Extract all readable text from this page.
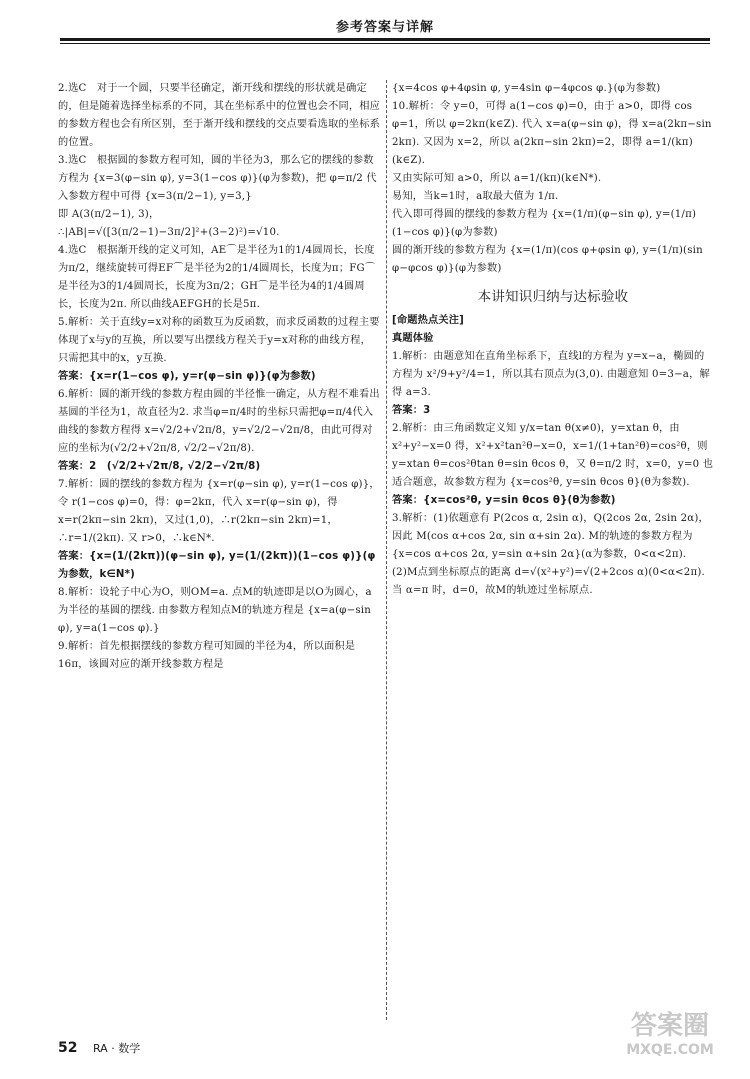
参考答案与详解

2.选C　对于一个圆，只要半径确定，渐开线和摆线的形状就是确定的，但是随着选择坐标系的不同，其在坐标系中的位置也会不同，相应的参数方程也会有所区别，至于渐开线和摆线的交点要看选取的坐标系的位置。

3.选C　根据圆的参数方程可知，圆的半径为3，那么它的摆线的参数方程为 {x=3(φ−sin φ), y=3(1−cos φ)}(φ为参数)，把 φ=π/2 代入参数方程中可得 {x=3(π/2−1), y=3,}

即 A(3(π/2−1), 3)，

∴|AB|=√([3(π/2−1)−3π/2]²+(3−2)²)=√10.

4.选C　根据渐开线的定义可知，AE⌒是半径为1的1/4圆周长，长度为π/2，继续旋转可得EF⌒是半径为2的1/4圆周长，长度为π；FG⌒是半径为3的1/4圆周长，长度为3π/2；GH⌒是半径为4的1/4圆周长，长度为2π. 所以曲线AEFGH的长是5π.

5.解析：关于直线y=x对称的函数互为反函数，而求反函数的过程主要体现了x与y的互换，所以要写出摆线方程关于y=x对称的曲线方程，只需把其中的x，y互换.

答案：{x=r(1−cos φ), y=r(φ−sin φ)}(φ为参数)

6.解析：圆的渐开线的参数方程由圆的半径惟一确定，从方程不难看出基圆的半径为1，故直径为2. 求当φ=π/4时的坐标只需把φ=π/4代入曲线的参数方程得 x=√2/2+√2π/8，y=√2/2−√2π/8，由此可得对应的坐标为(√2/2+√2π/8, √2/2−√2π/8).

答案：2　(√2/2+√2π/8, √2/2−√2π/8)

7.解析：圆的摆线的参数方程为 {x=r(φ−sin φ), y=r(1−cos φ)}，令 r(1−cos φ)=0，得：φ=2kπ，代入 x=r(φ−sin φ)，得 x=r(2kπ−sin 2kπ)，又过(1,0)，∴r(2kπ−sin 2kπ)=1，∴r=1/(2kπ). 又 r>0，∴k∈N*.

答案：{x=(1/(2kπ))(φ−sin φ), y=(1/(2kπ))(1−cos φ)}(φ为参数，k∈N*)

8.解析：设轮子中心为O，则OM=a. 点M的轨迹即是以O为圆心，a为半径的基圆的摆线. 由参数方程知点M的轨迹方程是 {x=a(φ−sin φ), y=a(1−cos φ).}

9.解析：首先根据摆线的参数方程可知圆的半径为4，所以面积是16π，该圆对应的渐开线参数方程是

{x=4cos φ+4φsin φ, y=4sin φ−4φcos φ.}(φ为参数)

10.解析：令 y=0，可得 a(1−cos φ)=0，由于 a>0，即得 cos φ=1，所以 φ=2kπ(k∈Z). 代入 x=a(φ−sin φ)，得 x=a(2kπ−sin 2kπ). 又因为 x=2，所以 a(2kπ−sin 2kπ)=2，即得 a=1/(kπ)(k∈Z).

又由实际可知 a>0，所以 a=1/(kπ)(k∈N*).

易知，当k=1时，a取最大值为 1/π.

代入即可得圆的摆线的参数方程为 {x=(1/π)(φ−sin φ), y=(1/π)(1−cos φ)}(φ为参数)

圆的渐开线的参数方程为 {x=(1/π)(cos φ+φsin φ), y=(1/π)(sin φ−φcos φ)}(φ为参数)

本讲知识归纳与达标验收

[命题热点关注]

真题体验

1.解析：由题意知在直角坐标系下，直线l的方程为 y=x−a，椭圆的方程为 x²/9+y²/4=1，所以其右顶点为(3,0). 由题意知 0=3−a，解得 a=3.

答案：3

2.解析：由三角函数定义知 y/x=tan θ(x≠0)，y=xtan θ，由 x²+y²−x=0 得，x²+x²tan²θ−x=0，x=1/(1+tan²θ)=cos²θ，则 y=xtan θ=cos²θtan θ=sin θcos θ，又 θ=π/2 时，x=0，y=0 也适合题意，故参数方程为 {x=cos²θ, y=sin θcos θ}(θ为参数).

答案：{x=cos²θ, y=sin θcos θ}(θ为参数)

3.解析：(1)依题意有 P(2cos α, 2sin α)，Q(2cos 2α, 2sin 2α)，因此 M(cos α+cos 2α, sin α+sin 2α). M的轨迹的参数方程为 {x=cos α+cos 2α, y=sin α+sin 2α}(α为参数，0<α<2π).

(2)M点到坐标原点的距离 d=√(x²+y²)=√(2+2cos α)(0<α<2π). 当 α=π 时，d=0，故M的轨迹过坐标原点.

52 RA · 数学
答案圈
MXQE.COM
